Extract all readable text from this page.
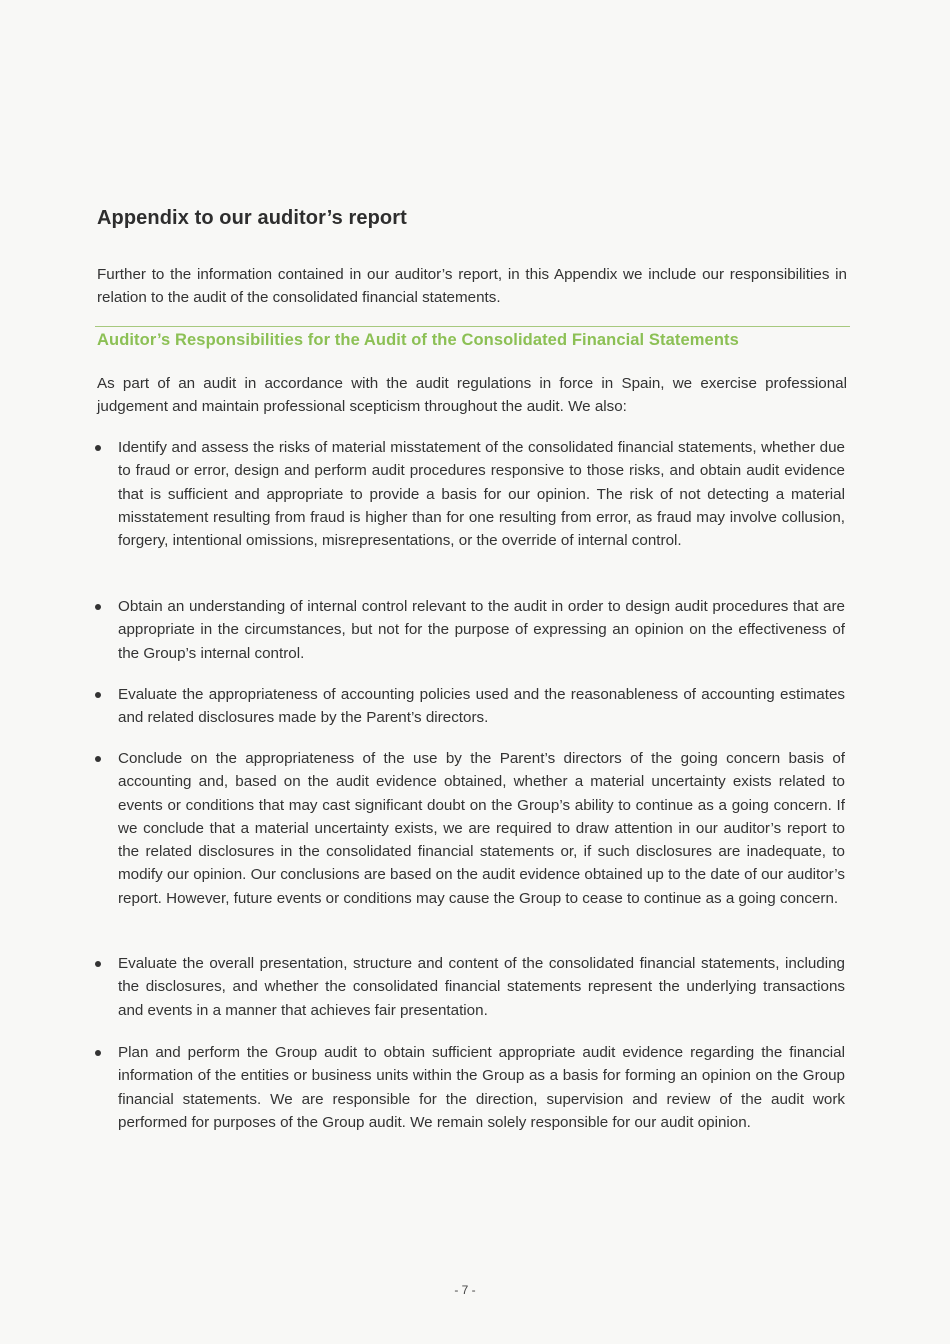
Appendix to our auditor’s report

Further to the information contained in our auditor’s report, in this Appendix we include our responsibilities in relation to the audit of the consolidated financial statements.

Auditor’s Responsibilities for the Audit of the Consolidated Financial Statements

As part of an audit in accordance with the audit regulations in force in Spain, we exercise professional judgement and maintain professional scepticism throughout the audit. We also:

Identify and assess the risks of material misstatement of the consolidated financial statements, whether due to fraud or error, design and perform audit procedures responsive to those risks, and obtain audit evidence that is sufficient and appropriate to provide a basis for our opinion. The risk of not detecting a material misstatement resulting from fraud is higher than for one resulting from error, as fraud may involve collusion, forgery, intentional omissions, misrepresentations, or the override of internal control.

Obtain an understanding of internal control relevant to the audit in order to design audit procedures that are appropriate in the circumstances, but not for the purpose of expressing an opinion on the effectiveness of the Group’s internal control.

Evaluate the appropriateness of accounting policies used and the reasonableness of accounting estimates and related disclosures made by the Parent’s directors.

Conclude on the appropriateness of the use by the Parent’s directors of the going concern basis of accounting and, based on the audit evidence obtained, whether a material uncertainty exists related to events or conditions that may cast significant doubt on the Group’s ability to continue as a going concern. If we conclude that a material uncertainty exists, we are required to draw attention in our auditor’s report to the related disclosures in the consolidated financial statements or, if such disclosures are inadequate, to modify our opinion. Our conclusions are based on the audit evidence obtained up to the date of our auditor’s report. However, future events or conditions may cause the Group to cease to continue as a going concern.

Evaluate the overall presentation, structure and content of the consolidated financial statements, including the disclosures, and whether the consolidated financial statements represent the underlying transactions and events in a manner that achieves fair presentation.

Plan and perform the Group audit to obtain sufficient appropriate audit evidence regarding the financial information of the entities or business units within the Group as a basis for forming an opinion on the Group financial statements. We are responsible for the direction, supervision and review of the audit work performed for purposes of the Group audit. We remain solely responsible for our audit opinion.

- 7 -
